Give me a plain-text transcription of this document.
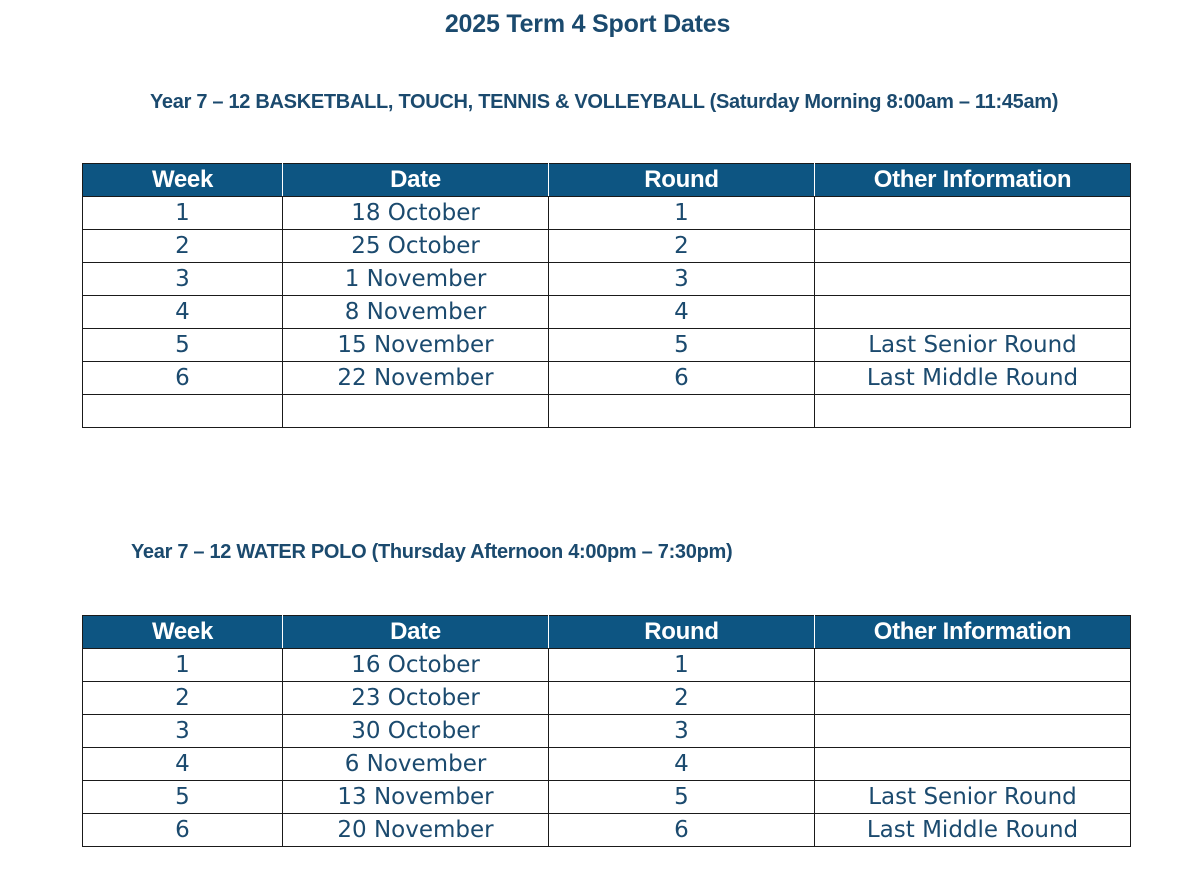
2025 Term 4 Sport Dates
Year 7 – 12 BASKETBALL, TOUCH, TENNIS & VOLLEYBALL (Saturday Morning 8:00am – 11:45am)
Week	Date	Round	Other Information
1	18 October	1	
2	25 October	2	
3	1 November	3	
4	8 November	4	
5	15 November	5	Last Senior Round
6	22 November	6	Last Middle Round

Year 7 – 12 WATER POLO (Thursday Afternoon 4:00pm – 7:30pm)
Week	Date	Round	Other Information
1	16 October	1	
2	23 October	2	
3	30 October	3	
4	6 November	4	
5	13 November	5	Last Senior Round
6	20 November	6	Last Middle Round
